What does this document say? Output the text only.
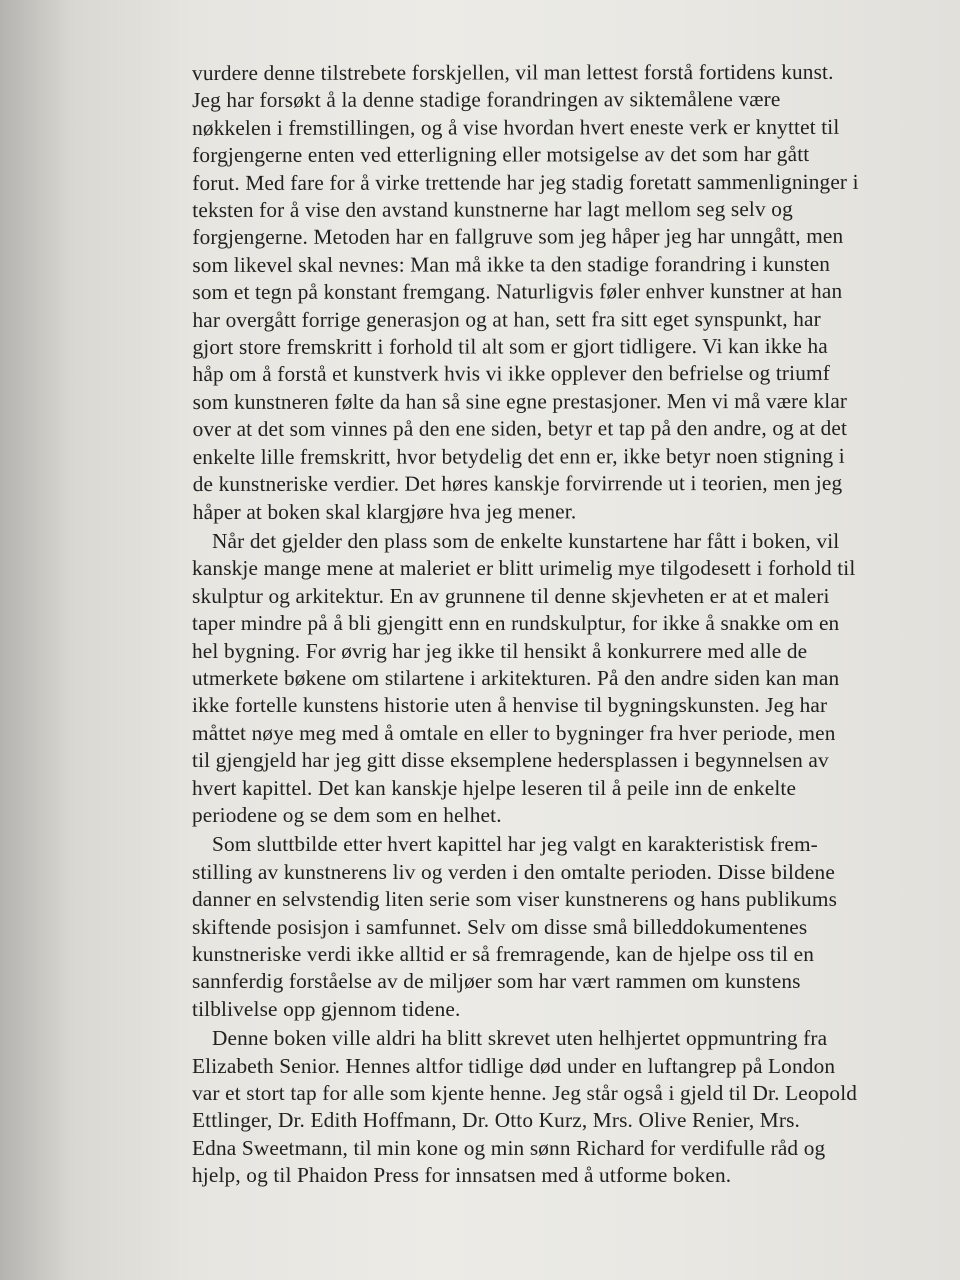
vurdere denne tilstrebete forskjellen, vil man lettest forstå fortidens kunst.
Jeg har forsøkt å la denne stadige forandringen av siktemålene være
nøkkelen i fremstillingen, og å vise hvordan hvert eneste verk er knyttet til
forgjengerne enten ved etterligning eller motsigelse av det som har gått
forut. Med fare for å virke trettende har jeg stadig foretatt sammenligninger i
teksten for å vise den avstand kunstnerne har lagt mellom seg selv og
forgjengerne. Metoden har en fallgruve som jeg håper jeg har unngått, men
som likevel skal nevnes: Man må ikke ta den stadige forandring i kunsten
som et tegn på konstant fremgang. Naturligvis føler enhver kunstner at han
har overgått forrige generasjon og at han, sett fra sitt eget synspunkt, har
gjort store fremskritt i forhold til alt som er gjort tidligere. Vi kan ikke ha
håp om å forstå et kunstverk hvis vi ikke opplever den befrielse og triumf
som kunstneren følte da han så sine egne prestasjoner. Men vi må være klar
over at det som vinnes på den ene siden, betyr et tap på den andre, og at det
enkelte lille fremskritt, hvor betydelig det enn er, ikke betyr noen stigning i
de kunstneriske verdier. Det høres kanskje forvirrende ut i teorien, men jeg
håper at boken skal klargjøre hva jeg mener.

Når det gjelder den plass som de enkelte kunstartene har fått i boken, vil
kanskje mange mene at maleriet er blitt urimelig mye tilgodesett i forhold til
skulptur og arkitektur. En av grunnene til denne skjevheten er at et maleri
taper mindre på å bli gjengitt enn en rundskulptur, for ikke å snakke om en
hel bygning. For øvrig har jeg ikke til hensikt å konkurrere med alle de
utmerkete bøkene om stilartene i arkitekturen. På den andre siden kan man
ikke fortelle kunstens historie uten å henvise til bygningskunsten. Jeg har
måttet nøye meg med å omtale en eller to bygninger fra hver periode, men
til gjengjeld har jeg gitt disse eksemplene hedersplassen i begynnelsen av
hvert kapittel. Det kan kanskje hjelpe leseren til å peile inn de enkelte
periodene og se dem som en helhet.

Som sluttbilde etter hvert kapittel har jeg valgt en karakteristisk frem-
stilling av kunstnerens liv og verden i den omtalte perioden. Disse bildene
danner en selvstendig liten serie som viser kunstnerens og hans publikums
skiftende posisjon i samfunnet. Selv om disse små billeddokumentenes
kunstneriske verdi ikke alltid er så fremragende, kan de hjelpe oss til en
sannferdig forståelse av de miljøer som har vært rammen om kunstens
tilblivelse opp gjennom tidene.

Denne boken ville aldri ha blitt skrevet uten helhjertet oppmuntring fra
Elizabeth Senior. Hennes altfor tidlige død under en luftangrep på London
var et stort tap for alle som kjente henne. Jeg står også i gjeld til Dr. Leopold
Ettlinger, Dr. Edith Hoffmann, Dr. Otto Kurz, Mrs. Olive Renier, Mrs.
Edna Sweetmann, til min kone og min sønn Richard for verdifulle råd og
hjelp, og til Phaidon Press for innsatsen med å utforme boken.
